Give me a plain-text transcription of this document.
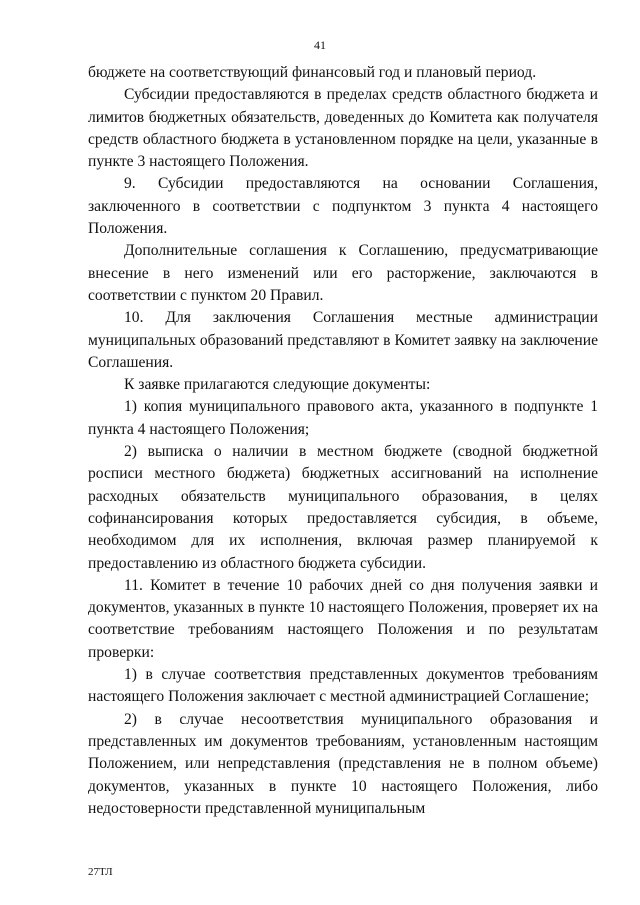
41

бюджете на соответствующий финансовый год и плановый период.

Субсидии предоставляются в пределах средств областного бюджета и лимитов бюджетных обязательств, доведенных до Комитета как получателя средств областного бюджета в установленном порядке на цели, указанные в пункте 3 настоящего Положения.

9. Субсидии предоставляются на основании Соглашения, заключенного в соответствии с подпунктом 3 пункта 4 настоящего Положения.

Дополнительные соглашения к Соглашению, предусматривающие внесение в него изменений или его расторжение, заключаются в соответствии с пунктом 20 Правил.

10. Для заключения Соглашения местные администрации муниципальных образований представляют в Комитет заявку на заключение Соглашения.

К заявке прилагаются следующие документы:

1) копия муниципального правового акта, указанного в подпункте 1 пункта 4 настоящего Положения;

2) выписка о наличии в местном бюджете (сводной бюджетной росписи местного бюджета) бюджетных ассигнований на исполнение расходных обязательств муниципального образования, в целях софинансирования которых предоставляется субсидия, в объеме, необходимом для их исполнения, включая размер планируемой к предоставлению из областного бюджета субсидии.

11. Комитет в течение 10 рабочих дней со дня получения заявки и документов, указанных в пункте 10 настоящего Положения, проверяет их на соответствие требованиям настоящего Положения и по результатам проверки:

1) в случае соответствия представленных документов требованиям настоящего Положения заключает с местной администрацией Соглашение;

2) в случае несоответствия муниципального образования и представленных им документов требованиям, установленным настоящим Положением, или непредставления (представления не в полном объеме) документов, указанных в пункте 10 настоящего Положения, либо недостоверности представленной муниципальным

27ТЛ
